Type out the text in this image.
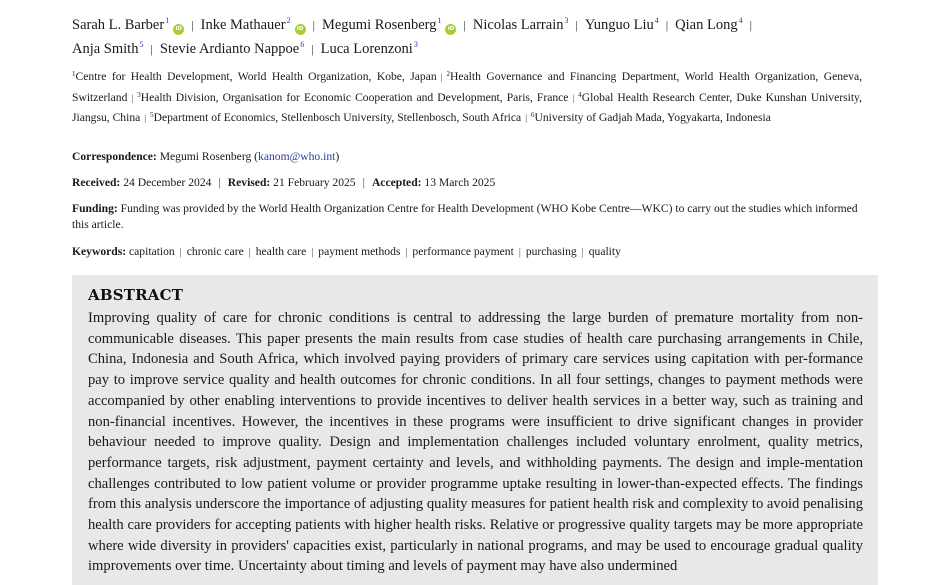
Sarah L. Barber$^1$iD | Inke Mathauer$^2$iD | Megumi Rosenberg$^1$iD | Nicolas Larrain$^3$ | Yunguo Liu$^4$ | Qian Long$^4$ |
Anja Smith$^5$ | Stevie Ardianto Nappoe$^6$ | Luca Lorenzoni$^3$
$^1$Centre for Health Development, World Health Organization, Kobe, Japan | $^2$Health Governance and Financing Department, World Health Organization, Geneva, Switzerland | $^3$Health Division, Organisation for Economic Cooperation and Development, Paris, France | $^4$Global Health Research Center, Duke Kunshan University, Jiangsu, China | $^5$Department of Economics, Stellenbosch University, Stellenbosch, South Africa | $^6$University of Gadjah Mada, Yogyakarta, Indonesia
Correspondence: Megumi Rosenberg (kanom@who.int)
Received: 24 December 2024 | Revised: 21 February 2025 | Accepted: 13 March 2025
Funding: Funding was provided by the World Health Organization Centre for Health Development (WHO Kobe Centre—WKC) to carry out the studies which informed this article.
Keywords: capitation | chronic care | health care | payment methods | performance payment | purchasing | quality
ABSTRACT
Improving quality of care for chronic conditions is central to addressing the large burden of premature mortality from non-communicable diseases. This paper presents the main results from case studies of health care purchasing arrangements in Chile, China, Indonesia and South Africa, which involved paying providers of primary care services using capitation with per-formance pay to improve service quality and health outcomes for chronic conditions. In all four settings, changes to payment methods were accompanied by other enabling interventions to provide incentives to deliver health services in a better way, such as training and non-financial incentives. However, the incentives in these programs were insufficient to drive significant changes in provider behaviour needed to improve quality. Design and implementation challenges included voluntary enrolment, quality metrics, performance targets, risk adjustment, payment certainty and levels, and withholding payments. The design and imple-mentation challenges contributed to low patient volume or provider programme uptake resulting in lower-than-expected effects. The findings from this analysis underscore the importance of adjusting quality measures for patient health risk and complexity to avoid penalising health care providers for accepting patients with higher health risks. Relative or progressive quality targets may be more appropriate where wide diversity in providers' capacities exist, particularly in national programs, and may be used to encourage gradual quality improvements over time. Uncertainty about timing and levels of payment may have also undermined
